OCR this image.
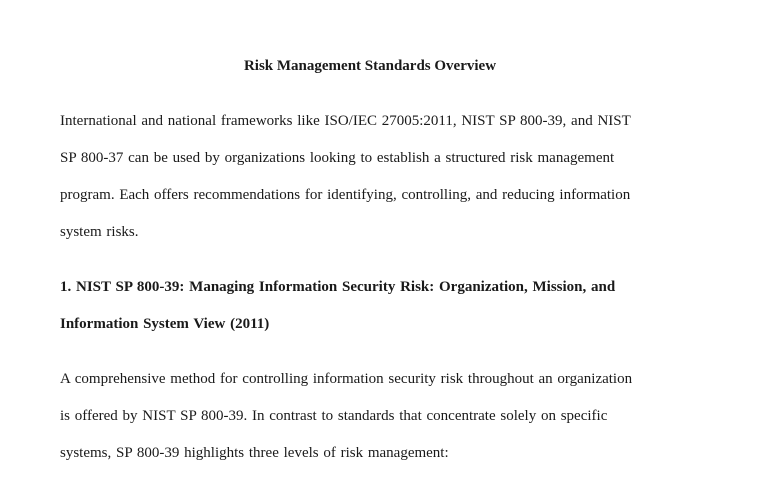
Risk Management Standards Overview
International and national frameworks like ISO/IEC 27005:2011, NIST SP 800-39, and NIST
SP 800-37 can be used by organizations looking to establish a structured risk management
program. Each offers recommendations for identifying, controlling, and reducing information
system risks.
1. NIST SP 800-39: Managing Information Security Risk: Organization, Mission, and
Information System View (2011)
A comprehensive method for controlling information security risk throughout an organization
is offered by NIST SP 800-39. In contrast to standards that concentrate solely on specific
systems, SP 800-39 highlights three levels of risk management:
